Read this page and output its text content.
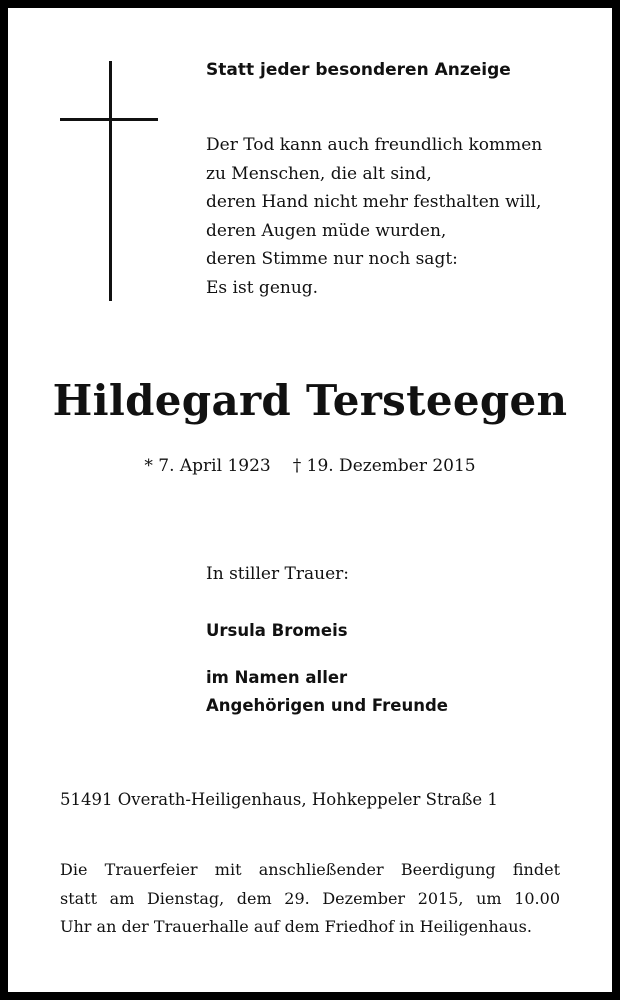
Statt jeder besonderen Anzeige
Der Tod kann auch freundlich kommen
zu Menschen, die alt sind,
deren Hand nicht mehr festhalten will,
deren Augen müde wurden,
deren Stimme nur noch sagt:
Es ist genug.
Hildegard Tersteegen
* 7. April 1923 † 19. Dezember 2015
In stiller Trauer:
Ursula Bromeis
im Namen aller
Angehörigen und Freunde
51491 Overath-Heiligenhaus, Hohkeppeler Straße 1
Die Trauerfeier mit anschließender Beerdigung findet
statt am Dienstag, dem 29. Dezember 2015, um 10.00
Uhr an der Trauerhalle auf dem Friedhof in Heiligenhaus.
